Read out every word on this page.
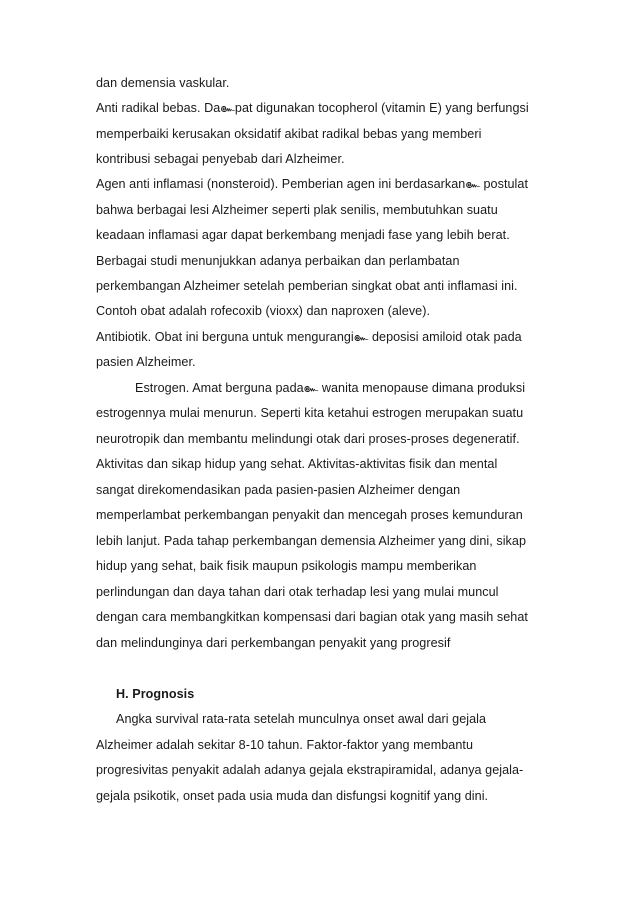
dan demensia vaskular.
Anti radikal bebas. Da๛pat digunakan tocopherol (vitamin E) yang berfungsi
memperbaiki kerusakan oksidatif akibat radikal bebas yang memberi
kontribusi sebagai penyebab dari Alzheimer.
Agen anti inflamasi (nonsteroid). Pemberian agen ini berdasarkan๛ postulat
bahwa berbagai lesi Alzheimer seperti plak senilis, membutuhkan suatu
keadaan inflamasi agar dapat berkembang menjadi fase yang lebih berat.
Berbagai studi menunjukkan adanya perbaikan dan perlambatan
perkembangan Alzheimer setelah pemberian singkat obat anti inflamasi ini.
Contoh obat adalah rofecoxib (vioxx) dan naproxen (aleve).
Antibiotik. Obat ini berguna untuk mengurangi๛ deposisi amiloid otak pada
pasien Alzheimer.
Estrogen. Amat berguna pada๛ wanita menopause dimana produksi
estrogennya mulai menurun. Seperti kita ketahui estrogen merupakan suatu
neurotropik dan membantu melindungi otak dari proses-proses degeneratif.
Aktivitas dan sikap hidup yang sehat. Aktivitas-aktivitas fisik dan mental
sangat direkomendasikan pada pasien-pasien Alzheimer dengan
memperlambat perkembangan penyakit dan mencegah proses kemunduran
lebih lanjut. Pada tahap perkembangan demensia Alzheimer yang dini, sikap
hidup yang sehat, baik fisik maupun psikologis mampu memberikan
perlindungan dan daya tahan dari otak terhadap lesi yang mulai muncul
dengan cara membangkitkan kompensasi dari bagian otak yang masih sehat
dan melindunginya dari perkembangan penyakit yang progresif
H. Prognosis
Angka survival rata-rata setelah munculnya onset awal dari gejala
Alzheimer adalah sekitar 8-10 tahun. Faktor-faktor yang membantu
progresivitas penyakit adalah adanya gejala ekstrapiramidal, adanya gejala-
gejala psikotik, onset pada usia muda dan disfungsi kognitif yang dini.
